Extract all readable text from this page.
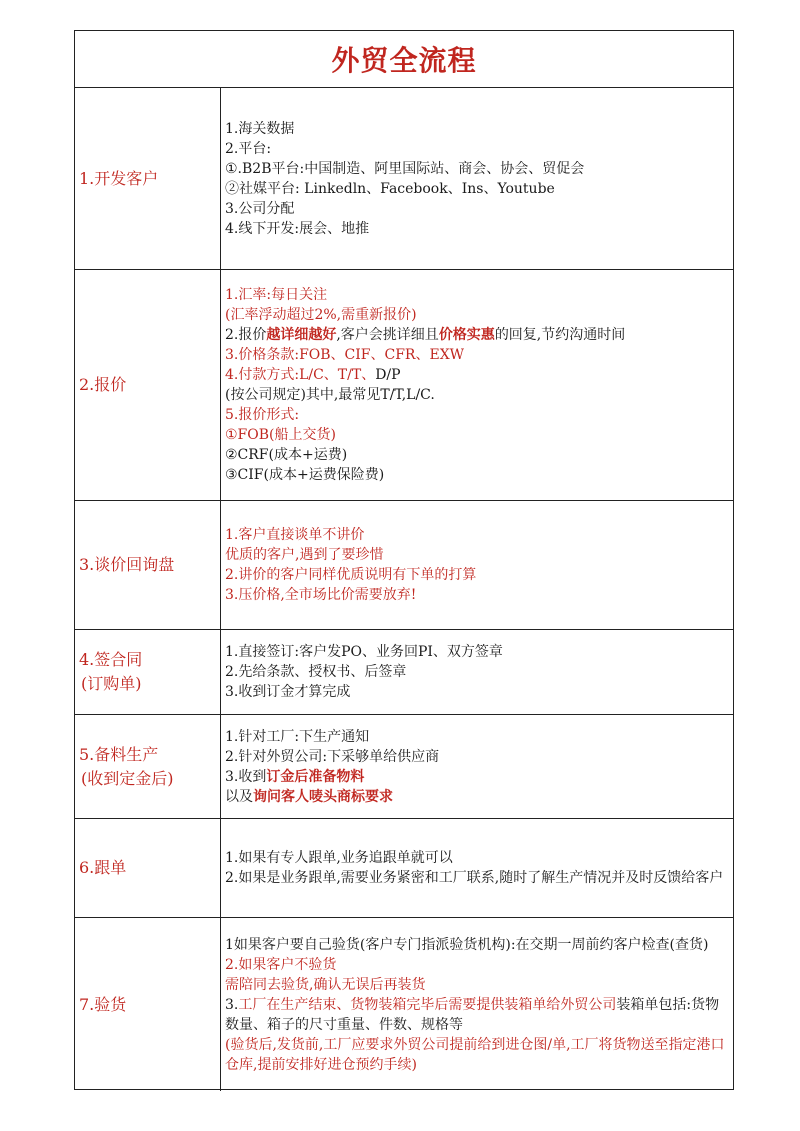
外贸全流程
1.开发客户
1.海关数据
2.平台:
①.B2B平台:中国制造、阿里国际站、商会、协会、贸促会
②社媒平台: Linkedln、Facebook、Ins、Youtube
3.公司分配
4.线下开发:展会、地推
2.报价
1.汇率:每日关注
(汇率浮动超过2%,需重新报价)
2.报价越详细越好,客户会挑详细且价格实惠的回复,节约沟通时间
3.价格条款:FOB、CIF、CFR、EXW
4.付款方式:L/C、T/T、D/P
(按公司规定)其中,最常见T/T,L/C.
5.报价形式:
①FOB(船上交货)
②CRF(成本+运费)
③CIF(成本+运费保险费)
3.谈价回询盘
1.客户直接谈单不讲价
优质的客户,遇到了要珍惜
2.讲价的客户同样优质说明有下单的打算
3.压价格,全市场比价需要放弃!
4.签合同
(订购单)
1.直接签订:客户发PO、业务回PI、双方签章
2.先给条款、授权书、后签章
3.收到订金才算完成
5.备料生产
(收到定金后)
1.针对工厂:下生产通知
2.针对外贸公司:下采够单给供应商
3.收到订金后准备物料
以及询问客人唛头商标要求
6.跟单	1.如果有专人跟单,业务追跟单就可以
2.如果是业务跟单,需要业务紧密和工厂联系,随时了解生产情况并及时反馈给客户
7.验货
1如果客户要自己验货(客户专门指派验货机构):在交期一周前约客户检查(查货)
2.如果客户不验货
需陪同去验货,确认无误后再装货
3.工厂在生产结束、货物装箱完毕后需要提供装箱单给外贸公司装箱单包括:货物数量、箱子的尺寸重量、件数、规格等
(验货后,发货前,工厂应要求外贸公司提前给到进仓图/单,工厂将货物送至指定港口仓库,提前安排好进仓预约手续)
